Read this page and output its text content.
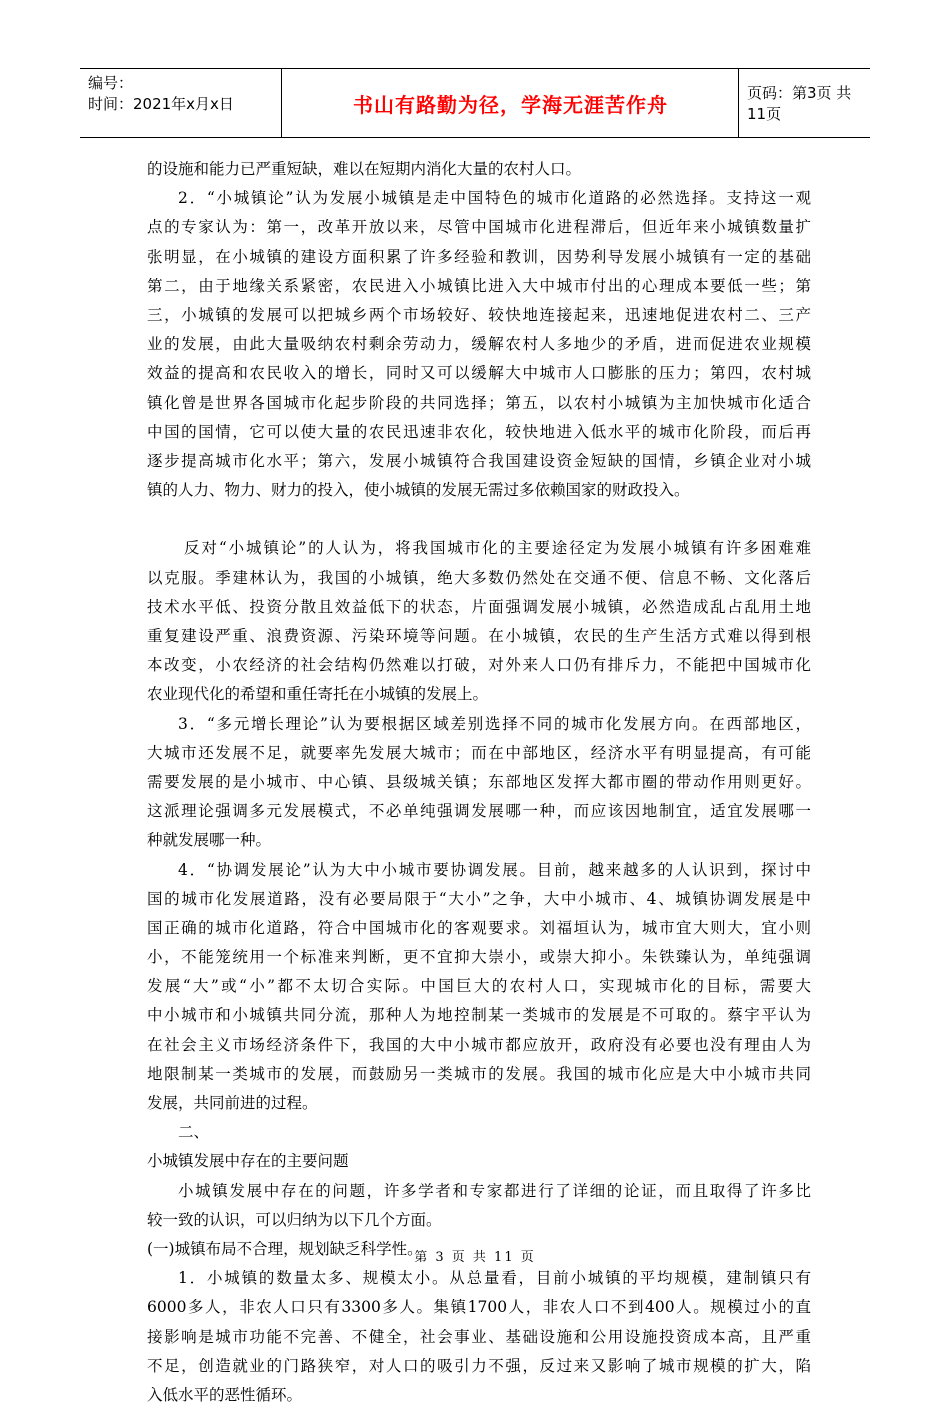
编号：
时间：2021年x月x日	书山有路勤为径，学海无涯苦作舟	页码：第3页 共11页
的设施和能力已严重短缺，难以在短期内消化大量的农村人口。
2．“小城镇论”认为发展小城镇是走中国特色的城市化道路的必然选择。支持这一观
点的专家认为：第一，改革开放以来，尽管中国城市化进程滞后，但近年来小城镇数量扩
张明显，在小城镇的建设方面积累了许多经验和教训，因势利导发展小城镇有一定的基础
第二，由于地缘关系紧密，农民进入小城镇比进入大中城市付出的心理成本要低一些；第
三，小城镇的发展可以把城乡两个市场较好、较快地连接起来，迅速地促进农村二、三产
业的发展，由此大量吸纳农村剩余劳动力，缓解农村人多地少的矛盾，进而促进农业规模
效益的提高和农民收入的增长，同时又可以缓解大中城市人口膨胀的压力；第四，农村城
镇化曾是世界各国城市化起步阶段的共同选择；第五，以农村小城镇为主加快城市化适合
中国的国情，它可以使大量的农民迅速非农化，较快地进入低水平的城市化阶段，而后再
逐步提高城市化水平；第六，发展小城镇符合我国建设资金短缺的国情，乡镇企业对小城
镇的人力、物力、财力的投入，使小城镇的发展无需过多依赖国家的财政投入。
反对“小城镇论”的人认为，将我国城市化的主要途径定为发展小城镇有许多困难难
以克服。季建林认为，我国的小城镇，绝大多数仍然处在交通不便、信息不畅、文化落后
技术水平低、投资分散且效益低下的状态，片面强调发展小城镇，必然造成乱占乱用土地
重复建设严重、浪费资源、污染环境等问题。在小城镇，农民的生产生活方式难以得到根
本改变，小农经济的社会结构仍然难以打破，对外来人口仍有排斥力，不能把中国城市化
农业现代化的希望和重任寄托在小城镇的发展上。
3．“多元增长理论”认为要根据区域差别选择不同的城市化发展方向。在西部地区，
大城市还发展不足，就要率先发展大城市；而在中部地区，经济水平有明显提高，有可能
需要发展的是小城市、中心镇、县级城关镇；东部地区发挥大都市圈的带动作用则更好。
这派理论强调多元发展模式，不必单纯强调发展哪一种，而应该因地制宜，适宜发展哪一
种就发展哪一种。
4．“协调发展论”认为大中小城市要协调发展。目前，越来越多的人认识到，探讨中
国的城市化发展道路，没有必要局限于“大小”之争，大中小城市、4、城镇协调发展是中
国正确的城市化道路，符合中国城市化的客观要求。刘福垣认为，城市宜大则大，宜小则
小，不能笼统用一个标准来判断，更不宜抑大崇小，或崇大抑小。朱铁臻认为，单纯强调
发展“大”或“小”都不太切合实际。中国巨大的农村人口，实现城市化的目标，需要大
中小城市和小城镇共同分流，那种人为地控制某一类城市的发展是不可取的。蔡宇平认为
在社会主义市场经济条件下，我国的大中小城市都应放开，政府没有必要也没有理由人为
地限制某一类城市的发展，而鼓励另一类城市的发展。我国的城市化应是大中小城市共同
发展，共同前进的过程。
二、
小城镇发展中存在的主要问题
小城镇发展中存在的问题，许多学者和专家都进行了详细的论证，而且取得了许多比
较一致的认识，可以归纳为以下几个方面。
(一)城镇布局不合理，规划缺乏科学性。
1．小城镇的数量太多、规模太小。从总量看，目前小城镇的平均规模，建制镇只有
6000多人，非农人口只有3300多人。集镇1700人，非农人口不到400人。规模过小的直
接影响是城市功能不完善、不健全，社会事业、基础设施和公用设施投资成本高，且严重
不足，创造就业的门路狭窄，对人口的吸引力不强，反过来又影响了城市规模的扩大，陷
入低水平的恶性循环。
第 3 页 共 11 页
